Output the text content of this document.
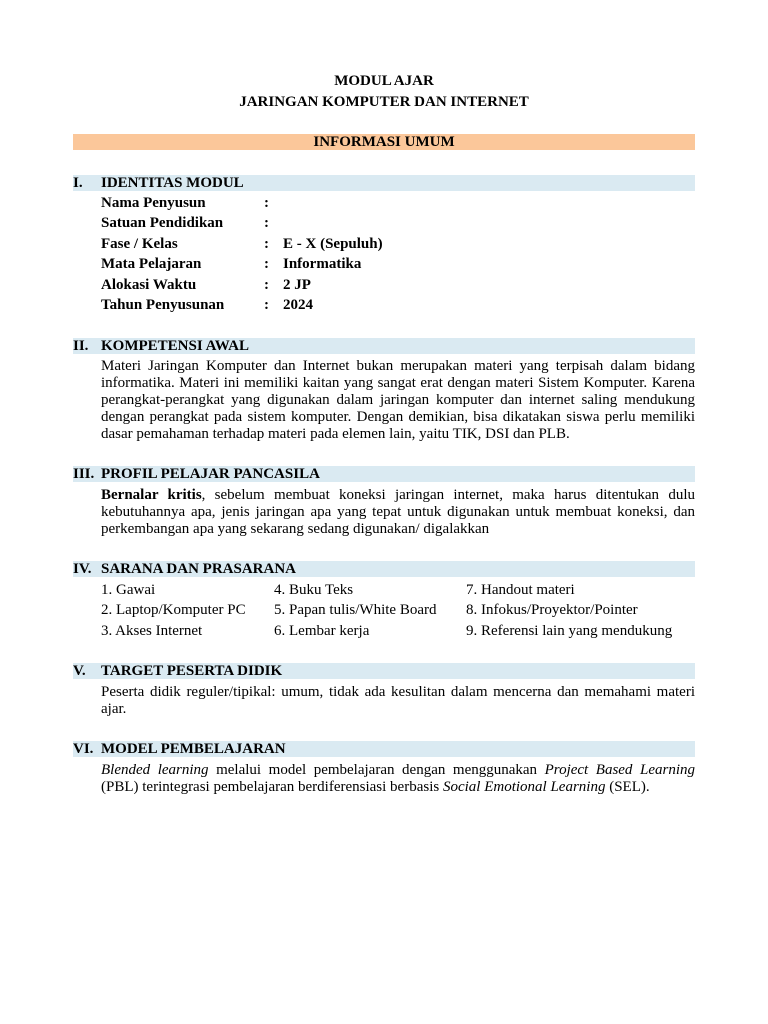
MODUL AJAR
JARINGAN KOMPUTER DAN INTERNET
INFORMASI UMUM
I. IDENTITAS MODUL
Nama Penyusun	:
Satuan Pendidikan	:
Fase / Kelas	: E - X (Sepuluh)
Mata Pelajaran	: Informatika
Alokasi Waktu	: 2 JP
Tahun Penyusunan	: 2024
II. KOMPETENSI AWAL
Materi Jaringan Komputer dan Internet bukan merupakan materi yang terpisah dalam bidang informatika. Materi ini memiliki kaitan yang sangat erat dengan materi Sistem Komputer. Karena perangkat-perangkat yang digunakan dalam jaringan komputer dan internet saling mendukung dengan perangkat pada sistem komputer. Dengan demikian, bisa dikatakan siswa perlu memiliki dasar pemahaman terhadap materi pada elemen lain, yaitu TIK, DSI dan PLB.
III. PROFIL PELAJAR PANCASILA
Bernalar kritis, sebelum membuat koneksi jaringan internet, maka harus ditentukan dulu kebutuhannya apa, jenis jaringan apa yang tepat untuk digunakan untuk membuat koneksi, dan perkembangan apa yang sekarang sedang digunakan/ digalakkan
IV. SARANA DAN PRASARANA
1. Gawai
2. Laptop/Komputer PC
3. Akses Internet
4. Buku Teks
5. Papan tulis/White Board
6. Lembar kerja
7. Handout materi
8. Infokus/Proyektor/Pointer
9. Referensi lain yang mendukung
V. TARGET PESERTA DIDIK
Peserta didik reguler/tipikal: umum, tidak ada kesulitan dalam mencerna dan memahami materi ajar.
VI. MODEL PEMBELAJARAN
Blended learning melalui model pembelajaran dengan menggunakan Project Based Learning (PBL) terintegrasi pembelajaran berdiferensiasi berbasis Social Emotional Learning (SEL).
